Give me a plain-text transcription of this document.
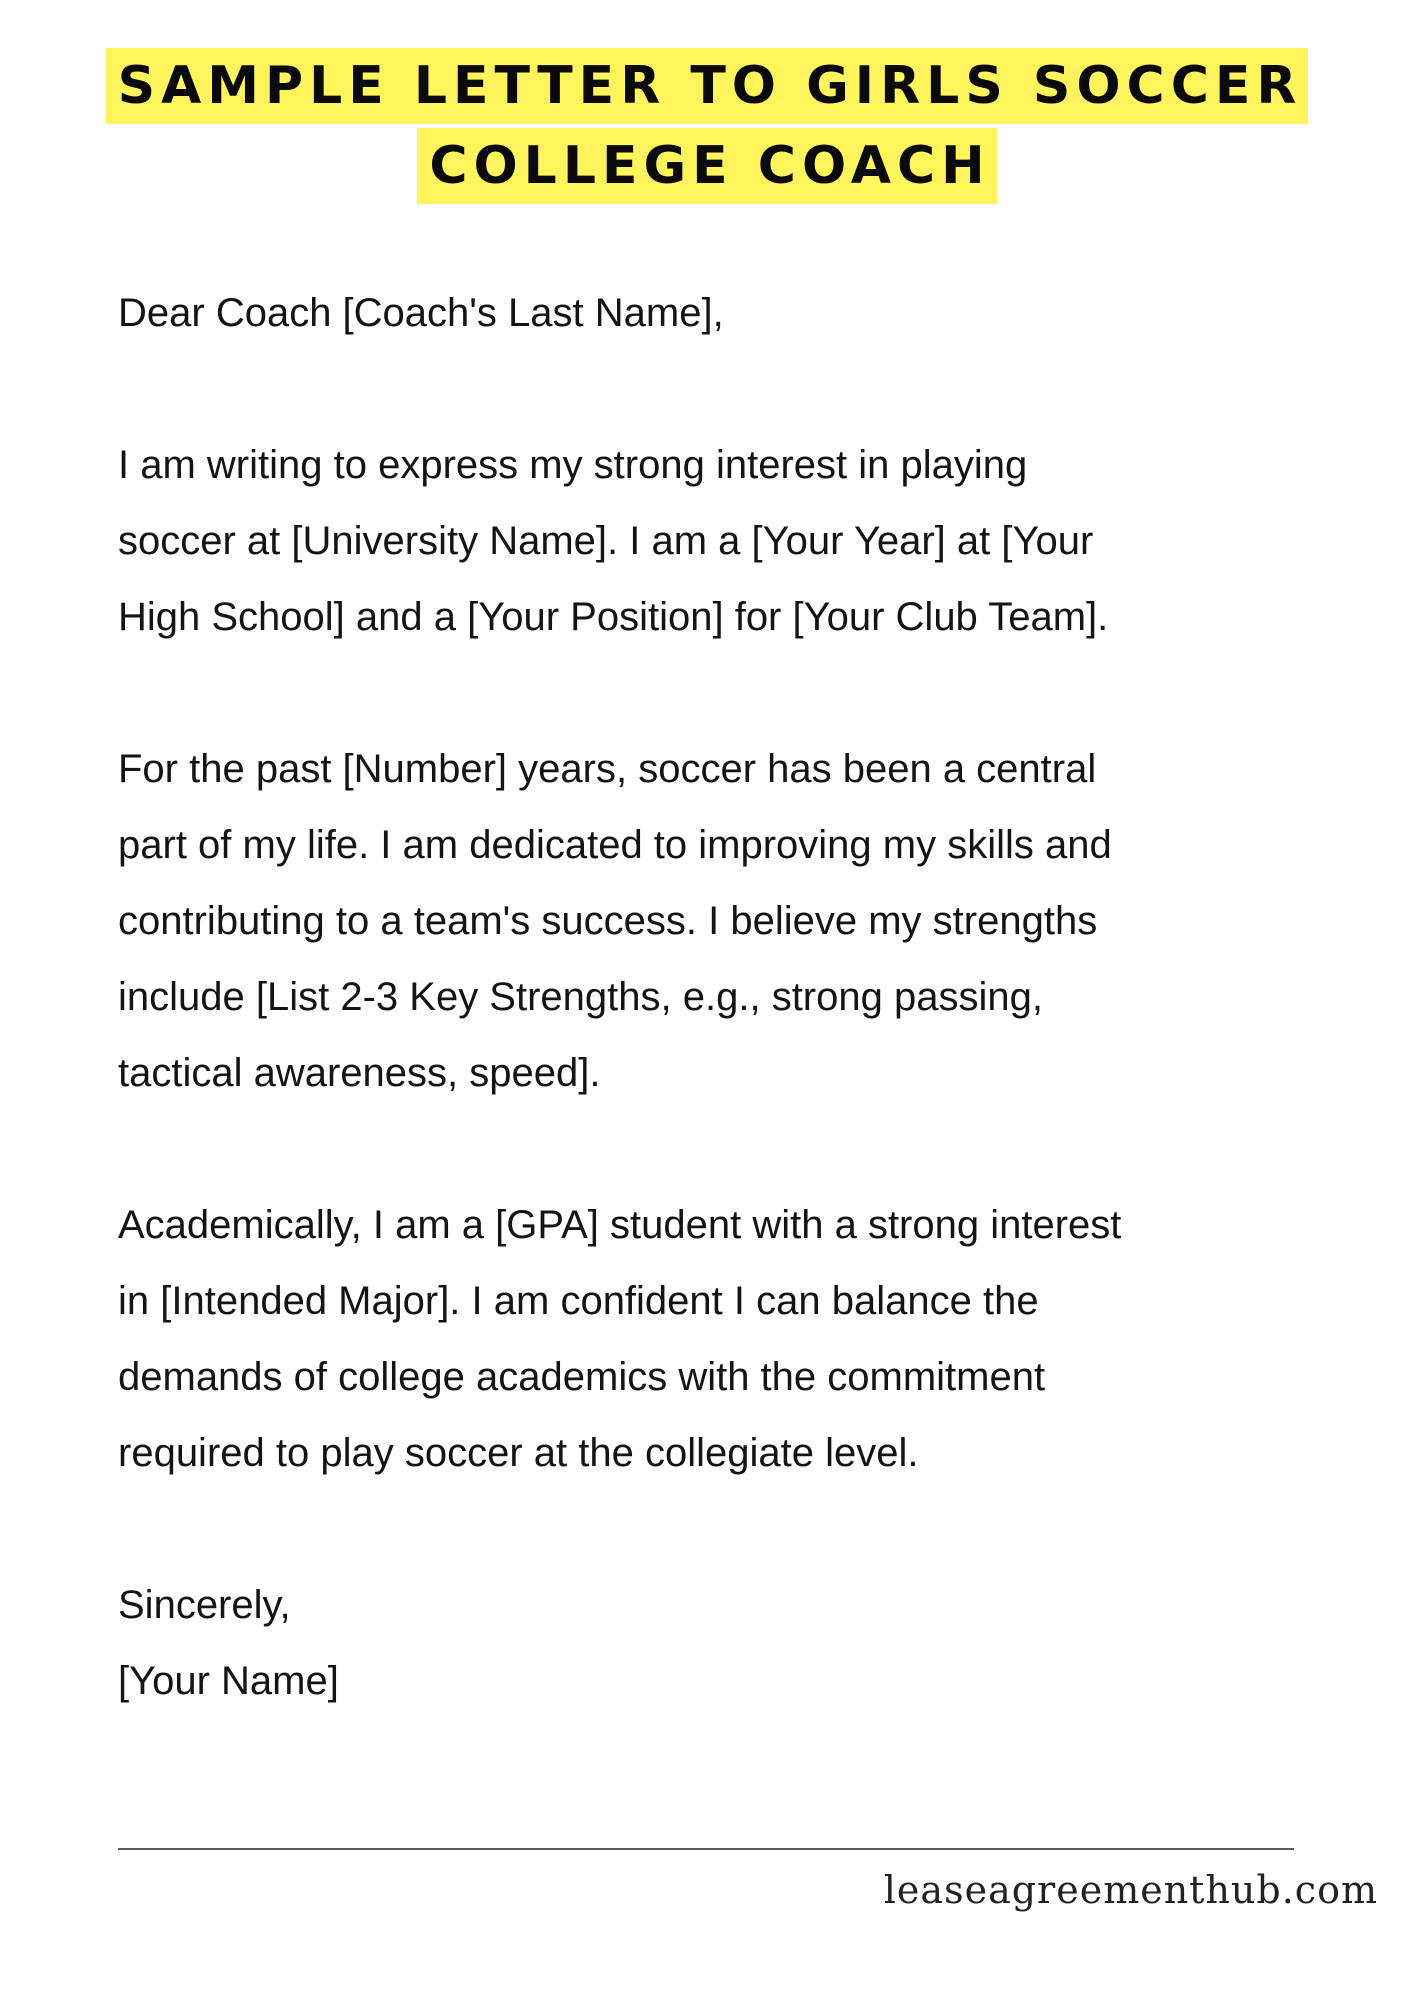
SAMPLE LETTER TO GIRLS SOCCER
COLLEGE COACH

Dear Coach [Coach's Last Name],

I am writing to express my strong interest in playing

soccer at [University Name]. I am a [Your Year] at [Your

High School] and a [Your Position] for [Your Club Team].

For the past [Number] years, soccer has been a central

part of my life. I am dedicated to improving my skills and

contributing to a team's success. I believe my strengths

include [List 2-3 Key Strengths, e.g., strong passing,

tactical awareness, speed].

Academically, I am a [GPA] student with a strong interest

in [Intended Major]. I am confident I can balance the

demands of college academics with the commitment

required to play soccer at the collegiate level.

Sincerely,

[Your Name]

leaseagreementhub.com
